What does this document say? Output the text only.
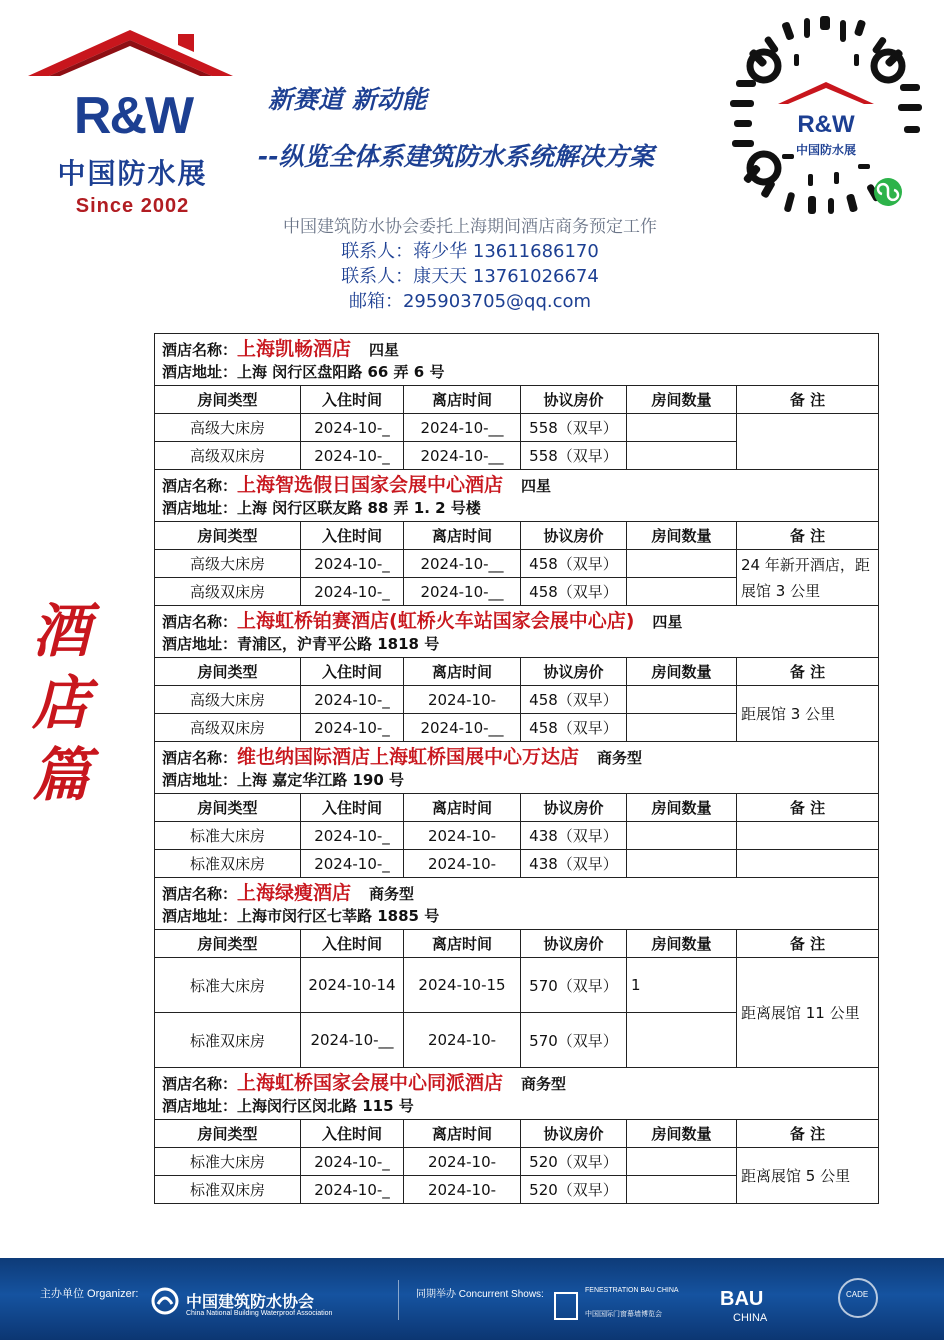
R&W
中国防水展
Since 2002
新赛道 新动能
--纵览全体系建筑防水系统解决方案
中国建筑防水协会委托上海期间酒店商务预定工作
联系人：蒋少华 13611686170
联系人：康天天 13761026674
邮箱：295903705@qq.com
R&W
中国防水展
酒
店
篇
酒店名称：上海凯畅酒店 四星
酒店地址：上海 闵行区盘阳路 66 弄 6 号					

房间类型	入住时间	离店时间	协议房价	房间数量	备 注
高级大床房	2024-10-_	2024-10-__	558（双早）		
高级双床房	2024-10-_	2024-10-__	558（双早）		

酒店名称：上海智选假日国家会展中心酒店 四星
酒店地址：上海 闵行区联友路 88 弄 1. 2 号楼					

房间类型	入住时间	离店时间	协议房价	房间数量	备 注
高级大床房	2024-10-_	2024-10-__	458（双早）		24 年新开酒店，距展馆 3 公里
高级双床房	2024-10-_	2024-10-__	458（双早）		

酒店名称：上海虹桥铂赛酒店(虹桥火车站国家会展中心店) 四星
酒店地址：青浦区，沪青平公路 1818 号					

房间类型	入住时间	离店时间	协议房价	房间数量	备 注
高级大床房	2024-10-_	2024-10-	458（双早）		距展馆 3 公里
高级双床房	2024-10-_	2024-10-__	458（双早）		

酒店名称：维也纳国际酒店上海虹桥国展中心万达店 商务型
酒店地址：上海 嘉定华江路 190 号					

房间类型	入住时间	离店时间	协议房价	房间数量	备 注
标准大床房	2024-10-_	2024-10-	438（双早）		
标准双床房	2024-10-_	2024-10-	438（双早）		

酒店名称：上海绿瘦酒店 商务型
酒店地址：上海市闵行区七莘路 1885 号					

房间类型	入住时间	离店时间	协议房价	房间数量	备 注
标准大床房	2024-10-14	2024-10-15	570（双早）	1	距离展馆 11 公里
标准双床房	2024-10-__	2024-10-	570（双早）		

酒店名称：上海虹桥国家会展中心同派酒店 商务型
酒店地址：上海闵行区闵北路 115 号					

房间类型	入住时间	离店时间	协议房价	房间数量	备 注
标准大床房	2024-10-_	2024-10-	520（双早）		距离展馆 5 公里
标准双床房	2024-10-_	2024-10-	520（双早）		
主办单位 Organizer:	中国建筑防水协会
China National Building Waterproof Association
同期举办 Concurrent Shows:	FENESTRATION BAU CHINA
中国国际门窗幕墙博览会
BAU
CHINA
CADE
